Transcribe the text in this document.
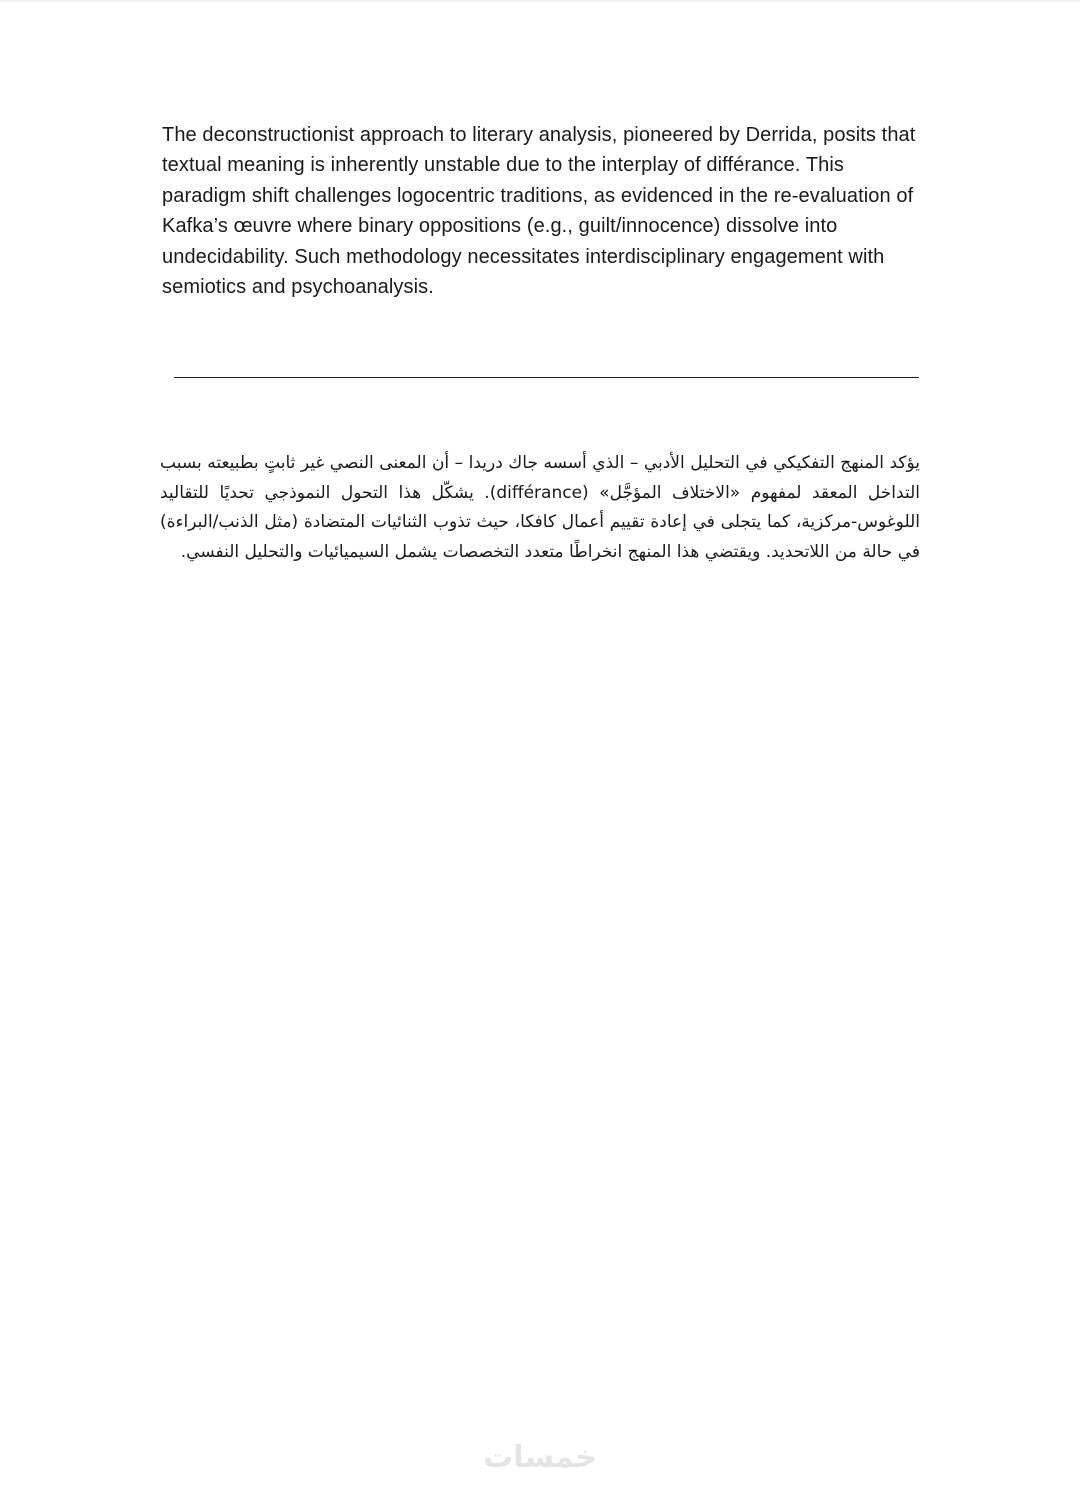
The deconstructionist approach to literary analysis, pioneered by Derrida, posits that textual meaning is inherently unstable due to the interplay of différance. This paradigm shift challenges logocentric traditions, as evidenced in the re-evaluation of Kafka’s œuvre where binary oppositions (e.g., guilt/innocence) dissolve into undecidability. Such methodology necessitates interdisciplinary engagement with semiotics and psychoanalysis.

يؤكد المنهج التفكيكي في التحليل الأدبي – الذي أسسه جاك دريدا – أن المعنى النصي غير ثابتٍ بطبيعته بسبب التداخل المعقد لمفهوم «الاختلاف المؤجَّل» (différance). يشكّل هذا التحول النموذجي تحديًا للتقاليد اللوغوس-مركزية، كما يتجلى في إعادة تقييم أعمال كافكا، حيث تذوب الثنائيات المتضادة (مثل الذنب/البراءة) في حالة من اللاتحديد. ويقتضي هذا المنهج انخراطًا متعدد التخصصات يشمل السيميائيات والتحليل النفسي.

خمسات
